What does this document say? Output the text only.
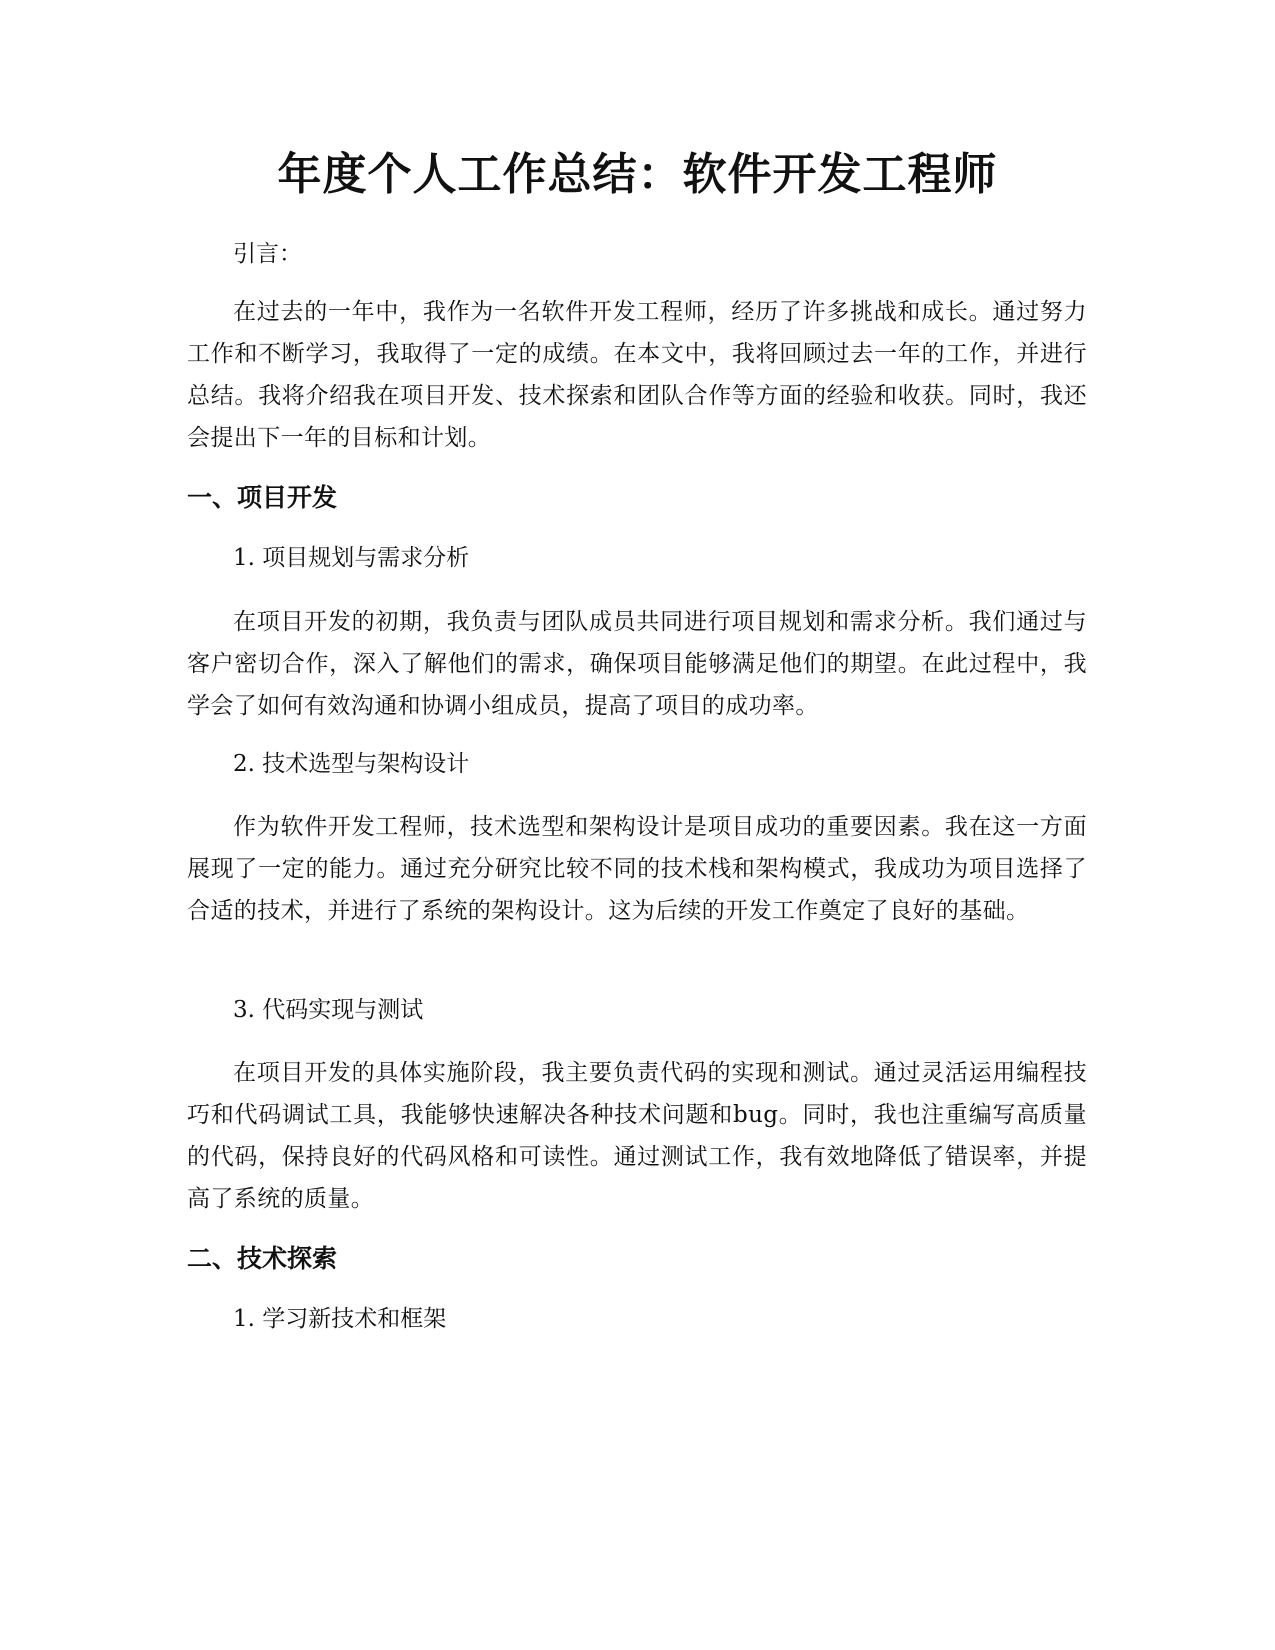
年度个人工作总结：软件开发工程师

引言：

在过去的一年中，我作为一名软件开发工程师，经历了许多挑战和成长。通过努力工作和不断学习，我取得了一定的成绩。在本文中，我将回顾过去一年的工作，并进行总结。我将介绍我在项目开发、技术探索和团队合作等方面的经验和收获。同时，我还会提出下一年的目标和计划。

一、项目开发

1. 项目规划与需求分析

在项目开发的初期，我负责与团队成员共同进行项目规划和需求分析。我们通过与客户密切合作，深入了解他们的需求，确保项目能够满足他们的期望。在此过程中，我学会了如何有效沟通和协调小组成员，提高了项目的成功率。

2. 技术选型与架构设计

作为软件开发工程师，技术选型和架构设计是项目成功的重要因素。我在这一方面展现了一定的能力。通过充分研究比较不同的技术栈和架构模式，我成功为项目选择了合适的技术，并进行了系统的架构设计。这为后续的开发工作奠定了良好的基础。

3. 代码实现与测试

在项目开发的具体实施阶段，我主要负责代码的实现和测试。通过灵活运用编程技巧和代码调试工具，我能够快速解决各种技术问题和bug。同时，我也注重编写高质量的代码，保持良好的代码风格和可读性。通过测试工作，我有效地降低了错误率，并提高了系统的质量。

二、技术探索

1. 学习新技术和框架
